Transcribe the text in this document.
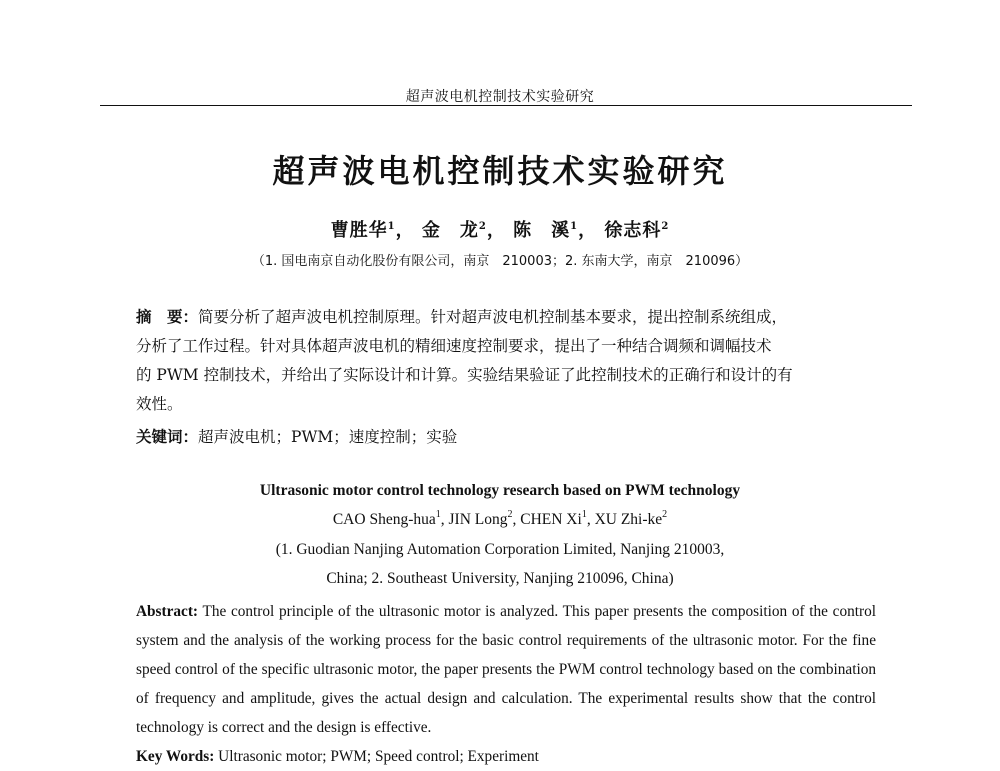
超声波电机控制技术实验研究
超声波电机控制技术实验研究
曹胜华$^1$， 金　龙$^2$， 陈　溪$^1$， 徐志科$^2$
（1. 国电南京自动化股份有限公司，南京　210003；2. 东南大学，南京　210096）
摘　要：简要分析了超声波电机控制原理。针对超声波电机控制基本要求，提出控制系统组成，
分析了工作过程。针对具体超声波电机的精细速度控制要求，提出了一种结合调频和调幅技术
的 PWM 控制技术，并给出了实际设计和计算。实验结果验证了此控制技术的正确行和设计的有
效性。
关键词：超声波电机；PWM；速度控制；实验
Ultrasonic motor control technology research based on PWM technology
CAO Sheng-hua$^1$, JIN Long$^2$, CHEN Xi$^1$, XU Zhi-$ke^2$
(1. Guodian Nanjing Automation Corporation Limited, Nanjing 210003,
China; 2. Southeast University, Nanjing 210096, China)
Abstract: The control principle of the ultrasonic motor is analyzed. This paper presents the composition of the control system and the analysis of the working process for the basic control requirements of the ultrasonic motor. For the fine speed control of the specific ultrasonic motor, the paper presents the PWM control technology based on the combination of frequency and amplitude, gives the actual design and calculation. The experimental results show that the control technology is correct and the design is effective.
Key Words: Ultrasonic motor; PWM; Speed control; Experiment
